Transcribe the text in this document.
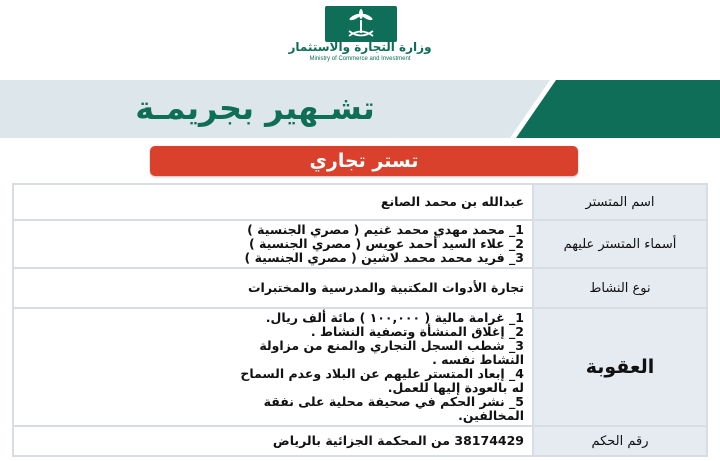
وزارة التجارة والاستثمار
Ministry of Commerce and Investment
تشـهير بجريمـة
تستر تجاري
اسم المتستر	عبدالله بن محمد الصانع
أسماء المتستر عليهم	1_ محمد مهدي محمد غنيم ( مصري الجنسية )
2_ علاء السيد أحمد عويس ( مصري الجنسية )
3_ فريد محمد محمد لاشين ( مصري الجنسية )

نوع النشاط	تجارة الأدوات المكتبية والمدرسية والمختبرات
العقوبة	1_ غرامة مالية ( ١٠٠,٠٠٠ ) مائة ألف ريال.
2_ إغلاق المنشأة وتصفية النشاط .
3_ شطب السجل التجاري والمنع من مزاولة النشاط نفسه .
4_ إبعاد المتستر عليهم عن البلاد وعدم السماح له بالعودة إليها للعمل.
5_ نشر الحكم في صحيفة محلية على نفقة المخالفين.

رقم الحكم	38174429 من المحكمة الجزائية بالرياض
